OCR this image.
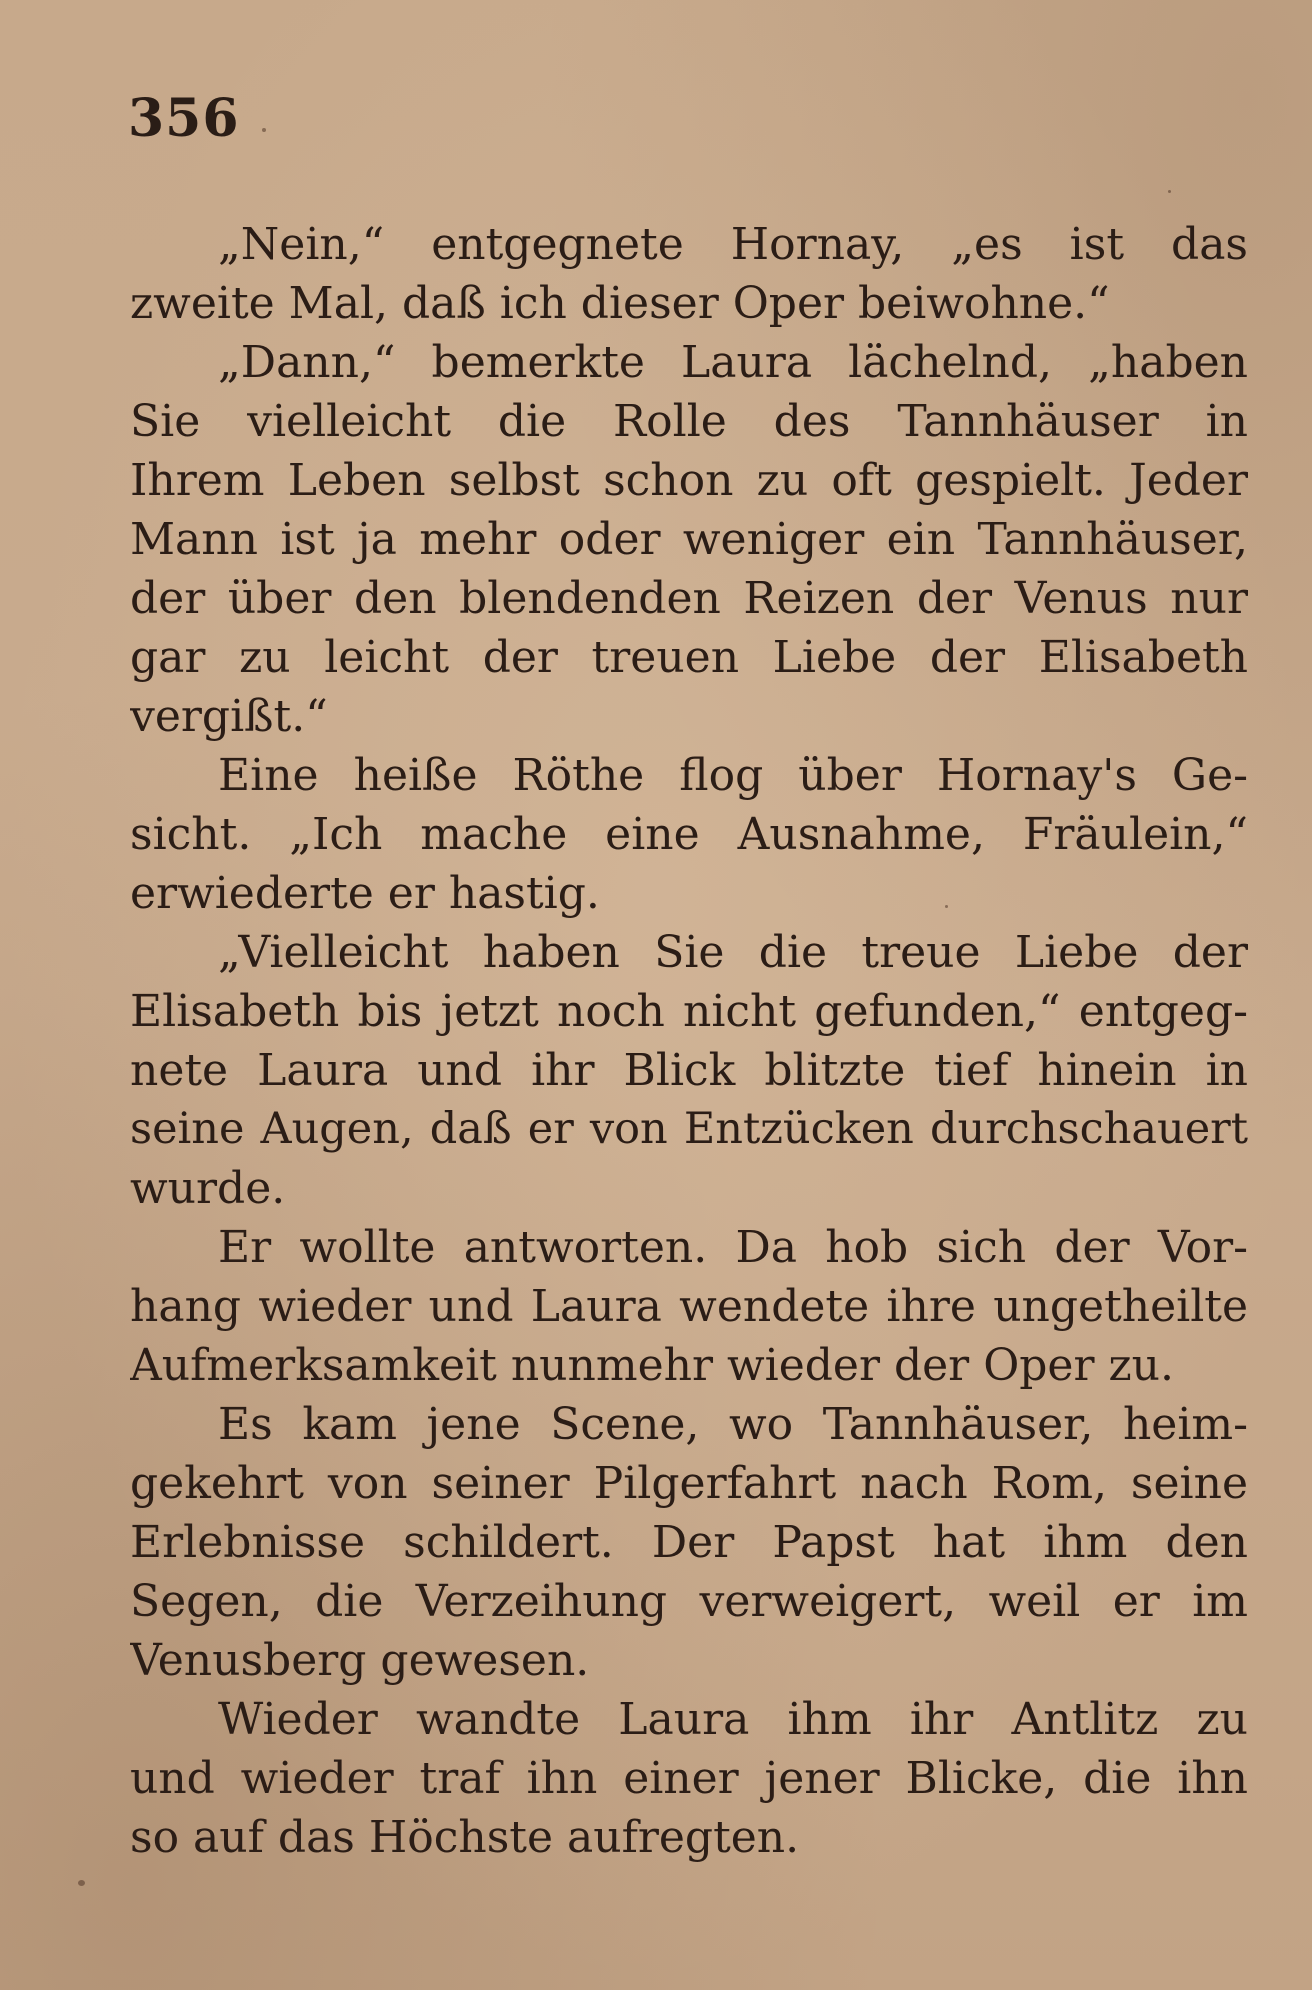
356
„Nein,“ entgegnete Hornay, „es ist das
zweite Mal, daß ich dieser Oper beiwohne.“
„Dann,“ bemerkte Laura lächelnd, „haben
Sie vielleicht die Rolle des Tannhäuser in
Ihrem Leben selbst schon zu oft gespielt. Jeder
Mann ist ja mehr oder weniger ein Tannhäuser,
der über den blendenden Reizen der Venus nur
gar zu leicht der treuen Liebe der Elisabeth
vergißt.“
Eine heiße Röthe flog über Hornay's Ge-
sicht. „Ich mache eine Ausnahme, Fräulein,“
erwiederte er hastig.
„Vielleicht haben Sie die treue Liebe der
Elisabeth bis jetzt noch nicht gefunden,“ entgeg-
nete Laura und ihr Blick blitzte tief hinein in
seine Augen, daß er von Entzücken durchschauert
wurde.
Er wollte antworten. Da hob sich der Vor-
hang wieder und Laura wendete ihre ungetheilte
Aufmerksamkeit nunmehr wieder der Oper zu.
Es kam jene Scene, wo Tannhäuser, heim-
gekehrt von seiner Pilgerfahrt nach Rom, seine
Erlebnisse schildert. Der Papst hat ihm den
Segen, die Verzeihung verweigert, weil er im
Venusberg gewesen.
Wieder wandte Laura ihm ihr Antlitz zu
und wieder traf ihn einer jener Blicke, die ihn
so auf das Höchste aufregten.
